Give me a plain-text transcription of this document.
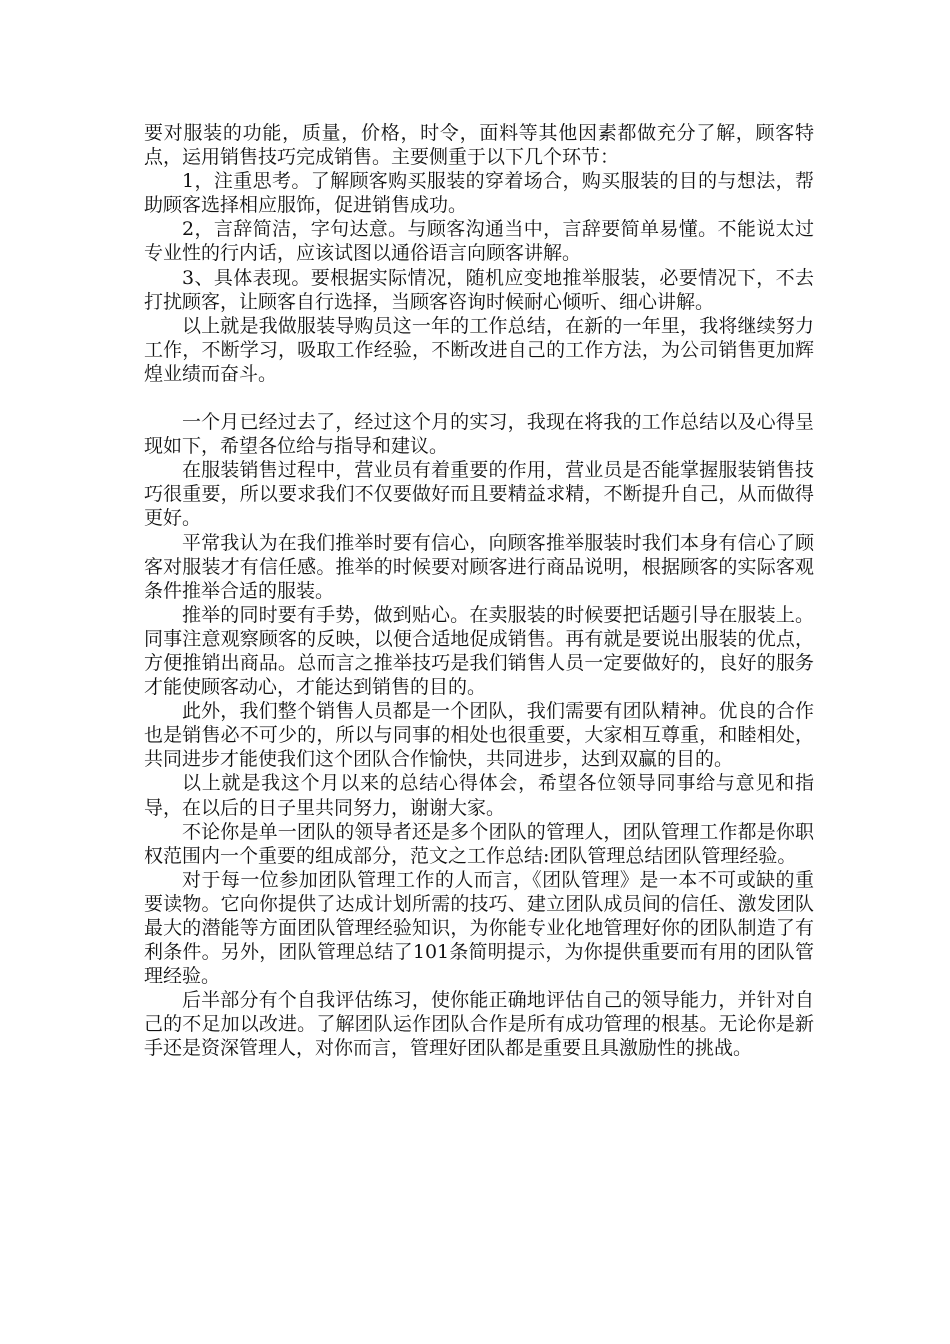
要对服装的功能，质量，价格，时令，面料等其他因素都做充分了解，顾客特点，运用销售技巧完成销售。主要侧重于以下几个环节：

1，注重思考。了解顾客购买服装的穿着场合，购买服装的目的与想法，帮助顾客选择相应服饰，促进销售成功。

2，言辞简洁，字句达意。与顾客沟通当中，言辞要简单易懂。不能说太过专业性的行内话，应该试图以通俗语言向顾客讲解。

3、具体表现。要根据实际情况，随机应变地推举服装，必要情况下，不去打扰顾客，让顾客自行选择，当顾客咨询时候耐心倾听、细心讲解。

以上就是我做服装导购员这一年的工作总结，在新的一年里，我将继续努力工作，不断学习，吸取工作经验，不断改进自己的工作方法，为公司销售更加辉煌业绩而奋斗。

一个月已经过去了，经过这个月的实习，我现在将我的工作总结以及心得呈现如下，希望各位给与指导和建议。

在服装销售过程中，营业员有着重要的作用，营业员是否能掌握服装销售技巧很重要，所以要求我们不仅要做好而且要精益求精，不断提升自己，从而做得更好。

平常我认为在我们推举时要有信心，向顾客推举服装时我们本身有信心了顾客对服装才有信任感。推举的时候要对顾客进行商品说明，根据顾客的实际客观条件推举合适的服装。

推举的同时要有手势，做到贴心。在卖服装的时候要把话题引导在服装上。同事注意观察顾客的反映，以便合适地促成销售。再有就是要说出服装的优点，方便推销出商品。总而言之推举技巧是我们销售人员一定要做好的，良好的服务才能使顾客动心，才能达到销售的目的。

此外，我们整个销售人员都是一个团队，我们需要有团队精神。优良的合作也是销售必不可少的，所以与同事的相处也很重要，大家相互尊重，和睦相处，共同进步才能使我们这个团队合作愉快，共同进步，达到双赢的目的。

以上就是我这个月以来的总结心得体会，希望各位领导同事给与意见和指导，在以后的日子里共同努力，谢谢大家。

不论你是单一团队的领导者还是多个团队的管理人，团队管理工作都是你职权范围内一个重要的组成部分，范文之工作总结:团队管理总结团队管理经验。

对于每一位参加团队管理工作的人而言，《团队管理》是一本不可或缺的重要读物。它向你提供了达成计划所需的技巧、建立团队成员间的信任、激发团队最大的潜能等方面团队管理经验知识，为你能专业化地管理好你的团队制造了有利条件。另外，团队管理总结了101条简明提示，为你提供重要而有用的团队管理经验。

后半部分有个自我评估练习，使你能正确地评估自己的领导能力，并针对自己的不足加以改进。了解团队运作团队合作是所有成功管理的根基。无论你是新手还是资深管理人，对你而言，管理好团队都是重要且具激励性的挑战。
